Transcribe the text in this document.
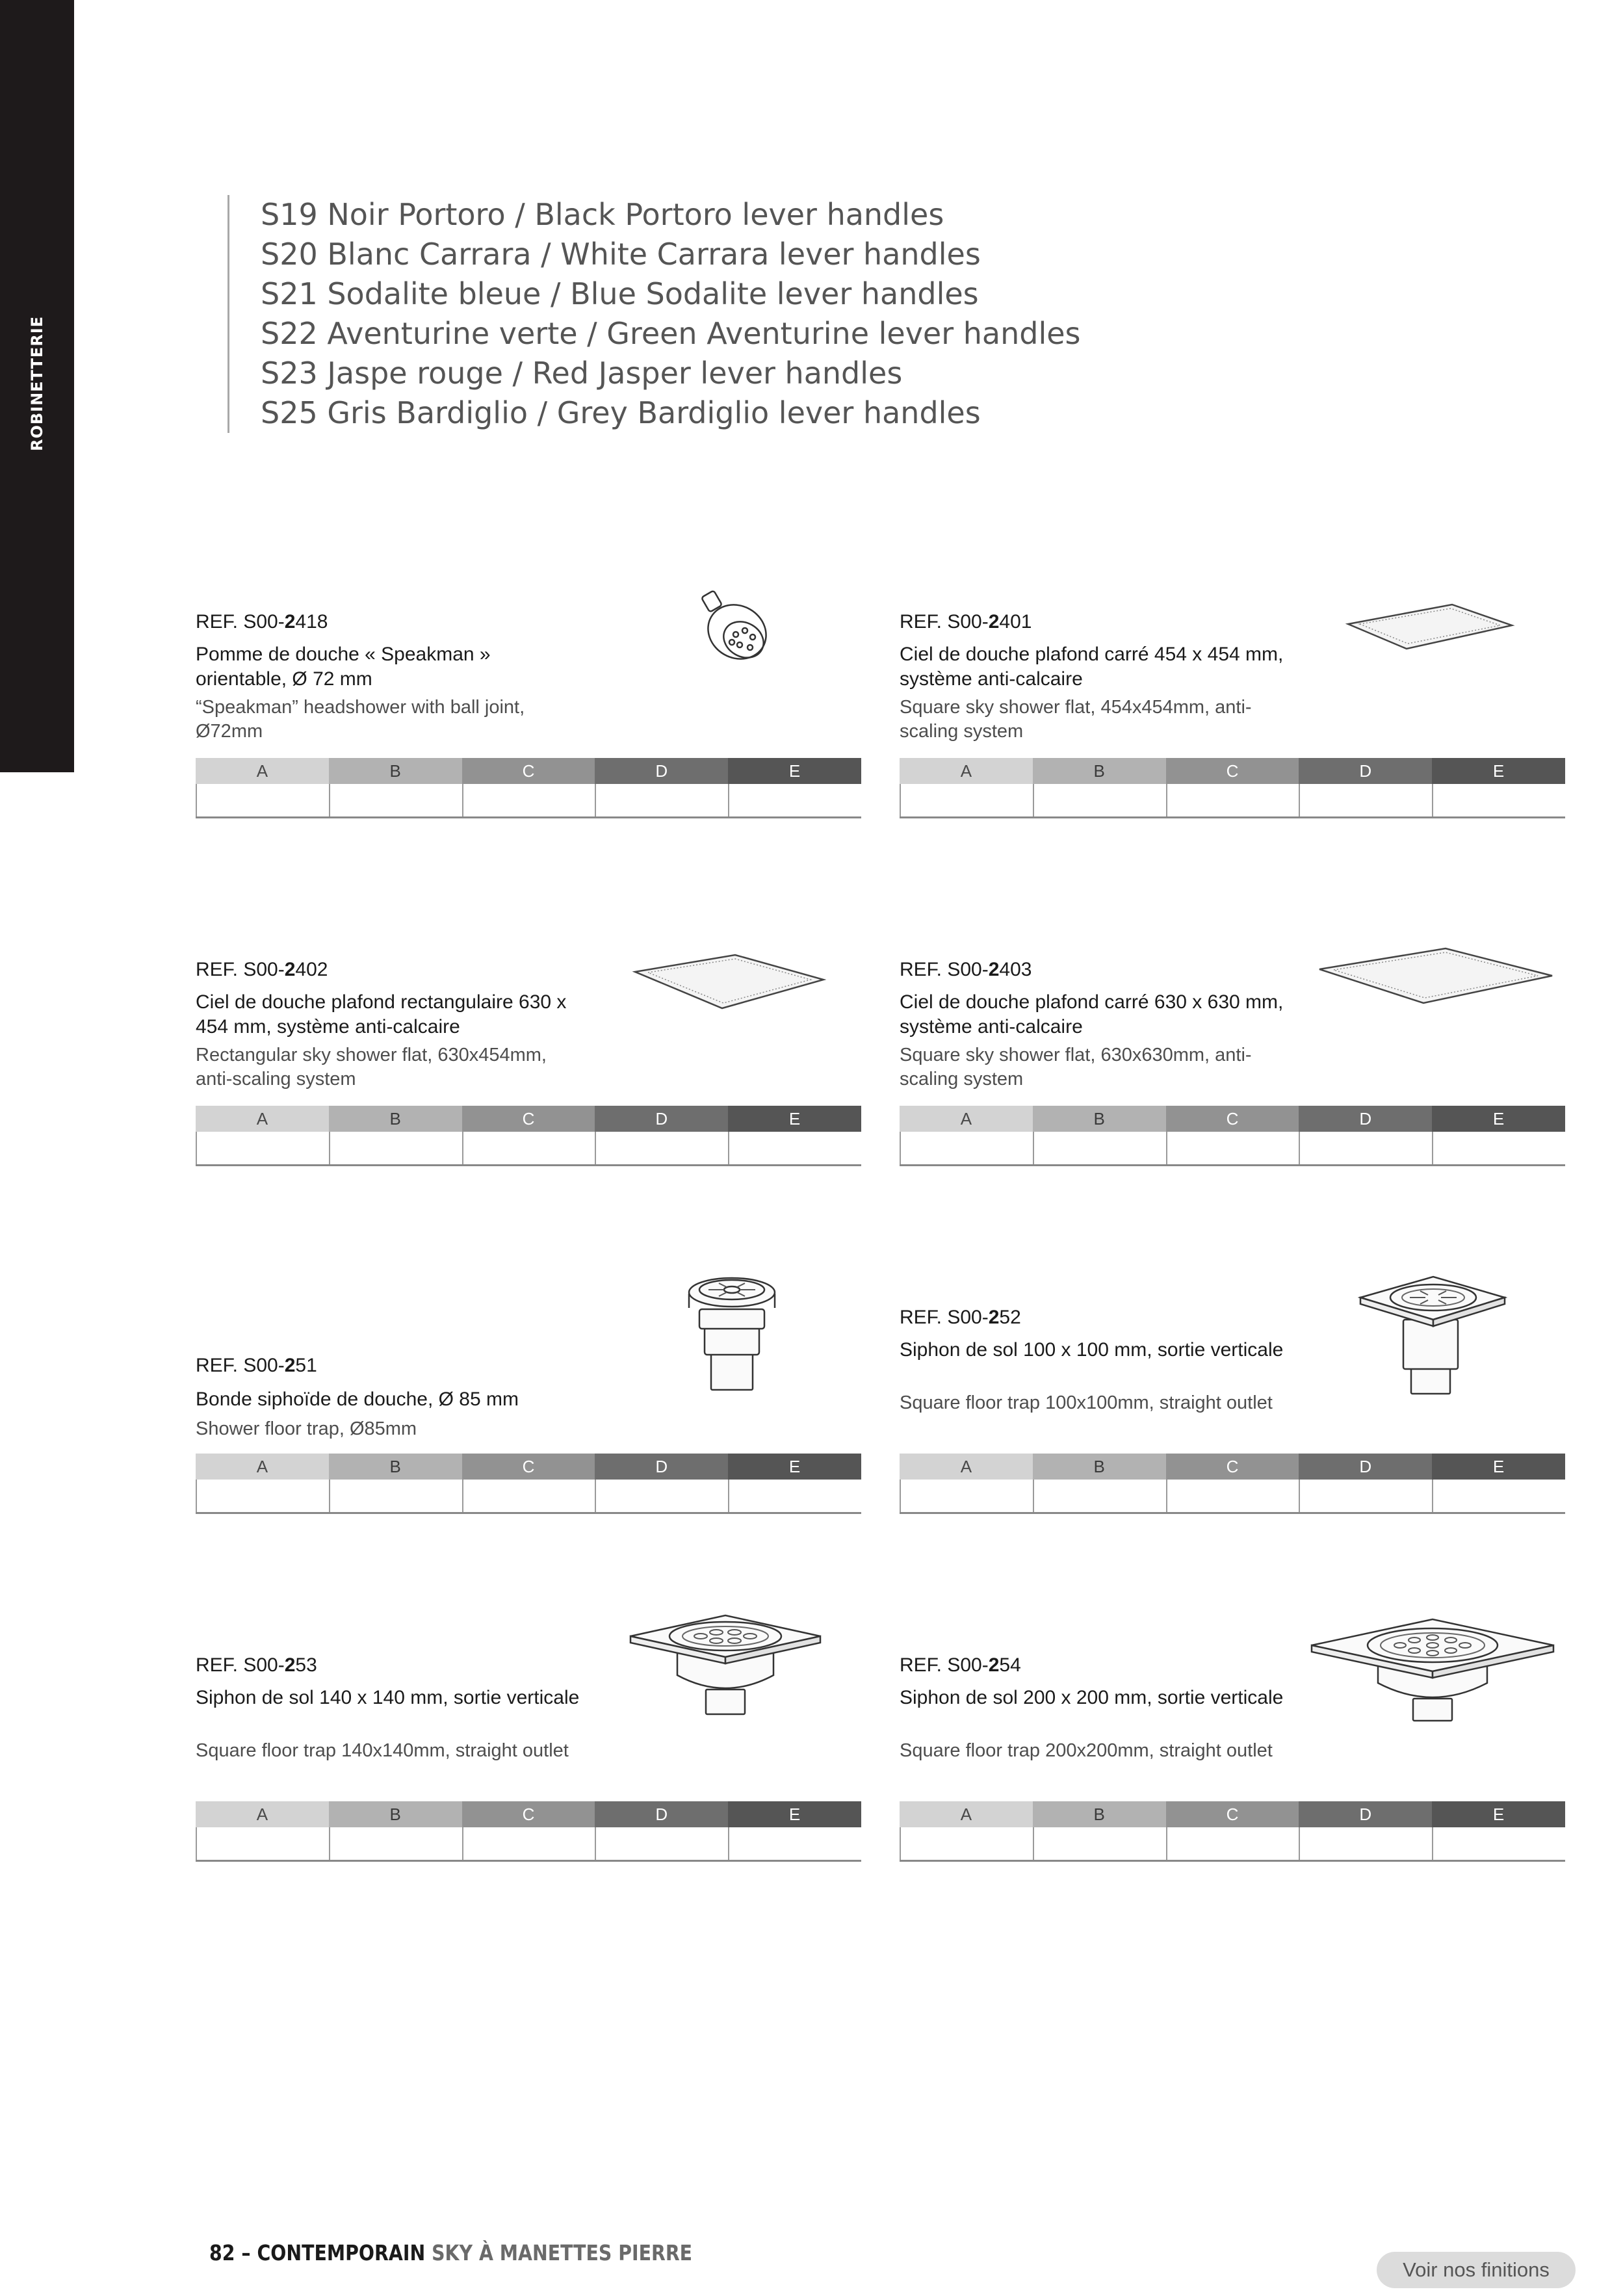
ROBINETTERIE
S19 Noir Portoro / Black Portoro lever handles
S20 Blanc Carrara / White Carrara lever handles
S21 Sodalite bleue / Blue Sodalite lever handles
S22 Aventurine verte / Green Aventurine lever handles
S23 Jaspe rouge / Red Jasper lever handles
S25 Gris Bardiglio / Grey Bardiglio lever handles
REF. S00-2418
Pomme de douche « Speakman » orientable, Ø 72 mm
“Speakman” headshower with ball joint, Ø72mm
A	B	C	D	E
REF. S00-2401
Ciel de douche plafond carré 454 x 454 mm, système anti-calcaire
Square sky shower flat, 454x454mm, anti-scaling system
A	B	C	D	E
REF. S00-2402
Ciel de douche plafond rectangulaire 630 x 454 mm, système anti-calcaire
Rectangular sky shower flat, 630x454mm, anti-scaling system
A	B	C	D	E
REF. S00-2403
Ciel de douche plafond carré 630 x 630 mm, système anti-calcaire
Square sky shower flat, 630x630mm, anti-scaling system
A	B	C	D	E
REF. S00-251
Bonde siphoïde de douche, Ø 85 mm
Shower floor trap, Ø85mm
A	B	C	D	E
REF. S00-252
Siphon de sol 100 x 100 mm, sortie verticale
Square floor trap 100x100mm, straight outlet
A	B	C	D	E
REF. S00-253
Siphon de sol 140 x 140 mm, sortie verticale
Square floor trap 140x140mm, straight outlet
A	B	C	D	E
REF. S00-254
Siphon de sol 200 x 200 mm, sortie verticale
Square floor trap 200x200mm, straight outlet
A	B	C	D	E
82 – CONTEMPORAIN SKY À MANETTES PIERRE
Voir nos finitions
